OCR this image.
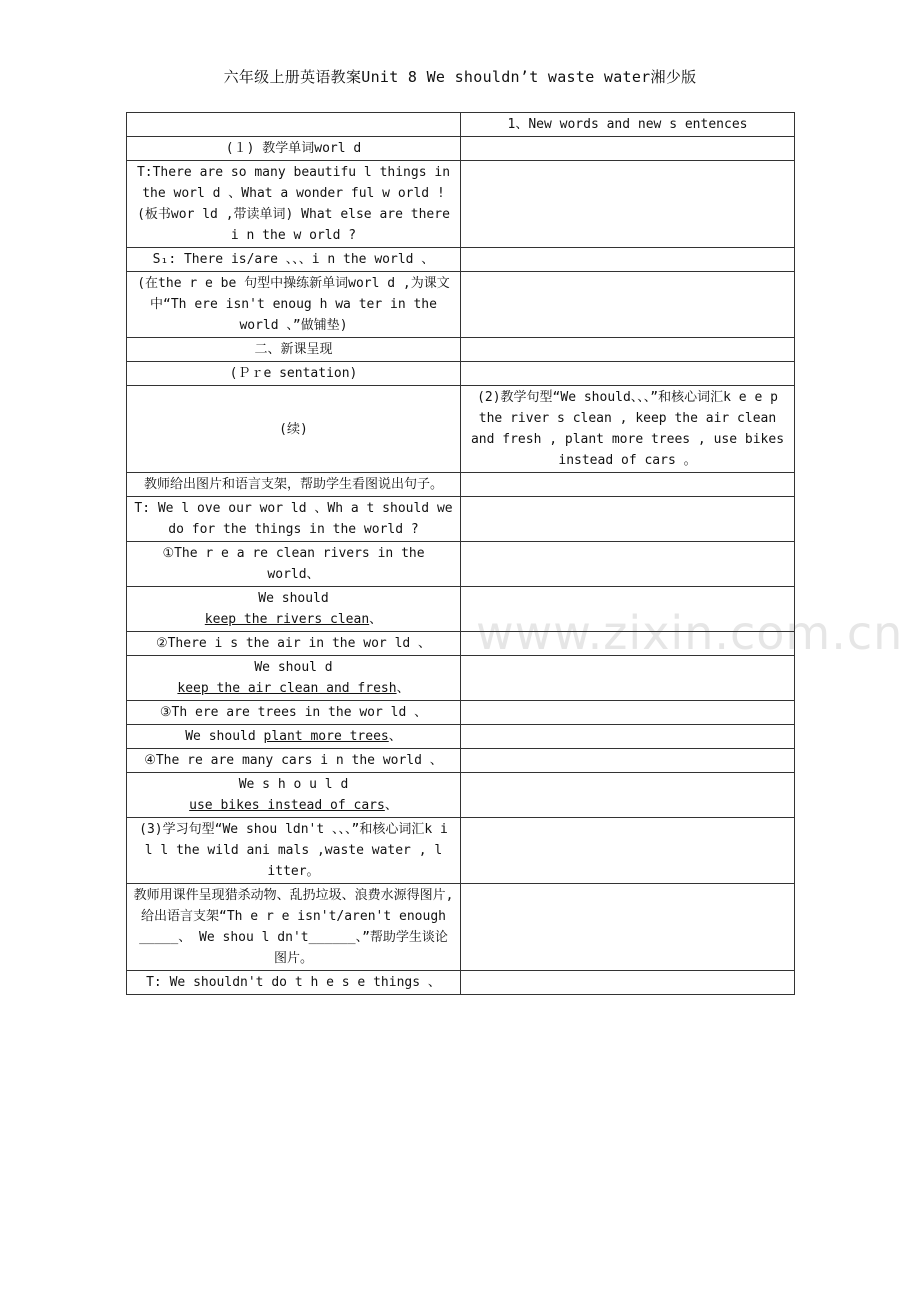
六年级上册英语教案Unit 8 We shouldn’t waste water湘少版
www.zixin.com.cn
	1、New words and new s entences
(１) 教学单词worl d	
T:There are so many beautifu l things in the worl d 、What a wonder ful w orld !(板书wor ld ,带读单词) What else are there i n the w orld ?	
S₁: There is/are 、、、i n the world 、	
(在the r e be 句型中操练新单词worl d ,为课文中“Th ere isn't enoug h wa ter in the world 、”做铺垫)	
二、新课呈现	
(Ｐｒe sentation)	
(续)	(2)教学句型“We should、、、”和核心词汇k e e p the river s clean , keep the air clean and fresh , plant more trees , use bikes instead of cars 。
教师给出图片和语言支架，帮助学生看图说出句子。	
T: We l ove our wor ld 、Wh a t should we do for the things in the world ?	
①The r e a re clean rivers in the world、	
We should
keep the rivers clean、	
②There i s the air in the wor ld 、	
We shoul d
keep the air clean and fresh、	
③Th ere are trees in the wor ld 、	
We should plant more trees、	
④The re are many cars i n the world 、	
We s h o u l d
use bikes instead of cars、	
(3)学习句型“We shou ldn't 、、、”和核心词汇k i l l the wild ani mals ,waste water , l itter。	
教师用课件呈现猎杀动物、乱扔垃圾、浪费水源得图片, 给出语言支架“Th e r e isn't/aren't enough _____、 We shou l dn't______、”帮助学生谈论图片。	
T: We shouldn't do t h e s e things 、	
